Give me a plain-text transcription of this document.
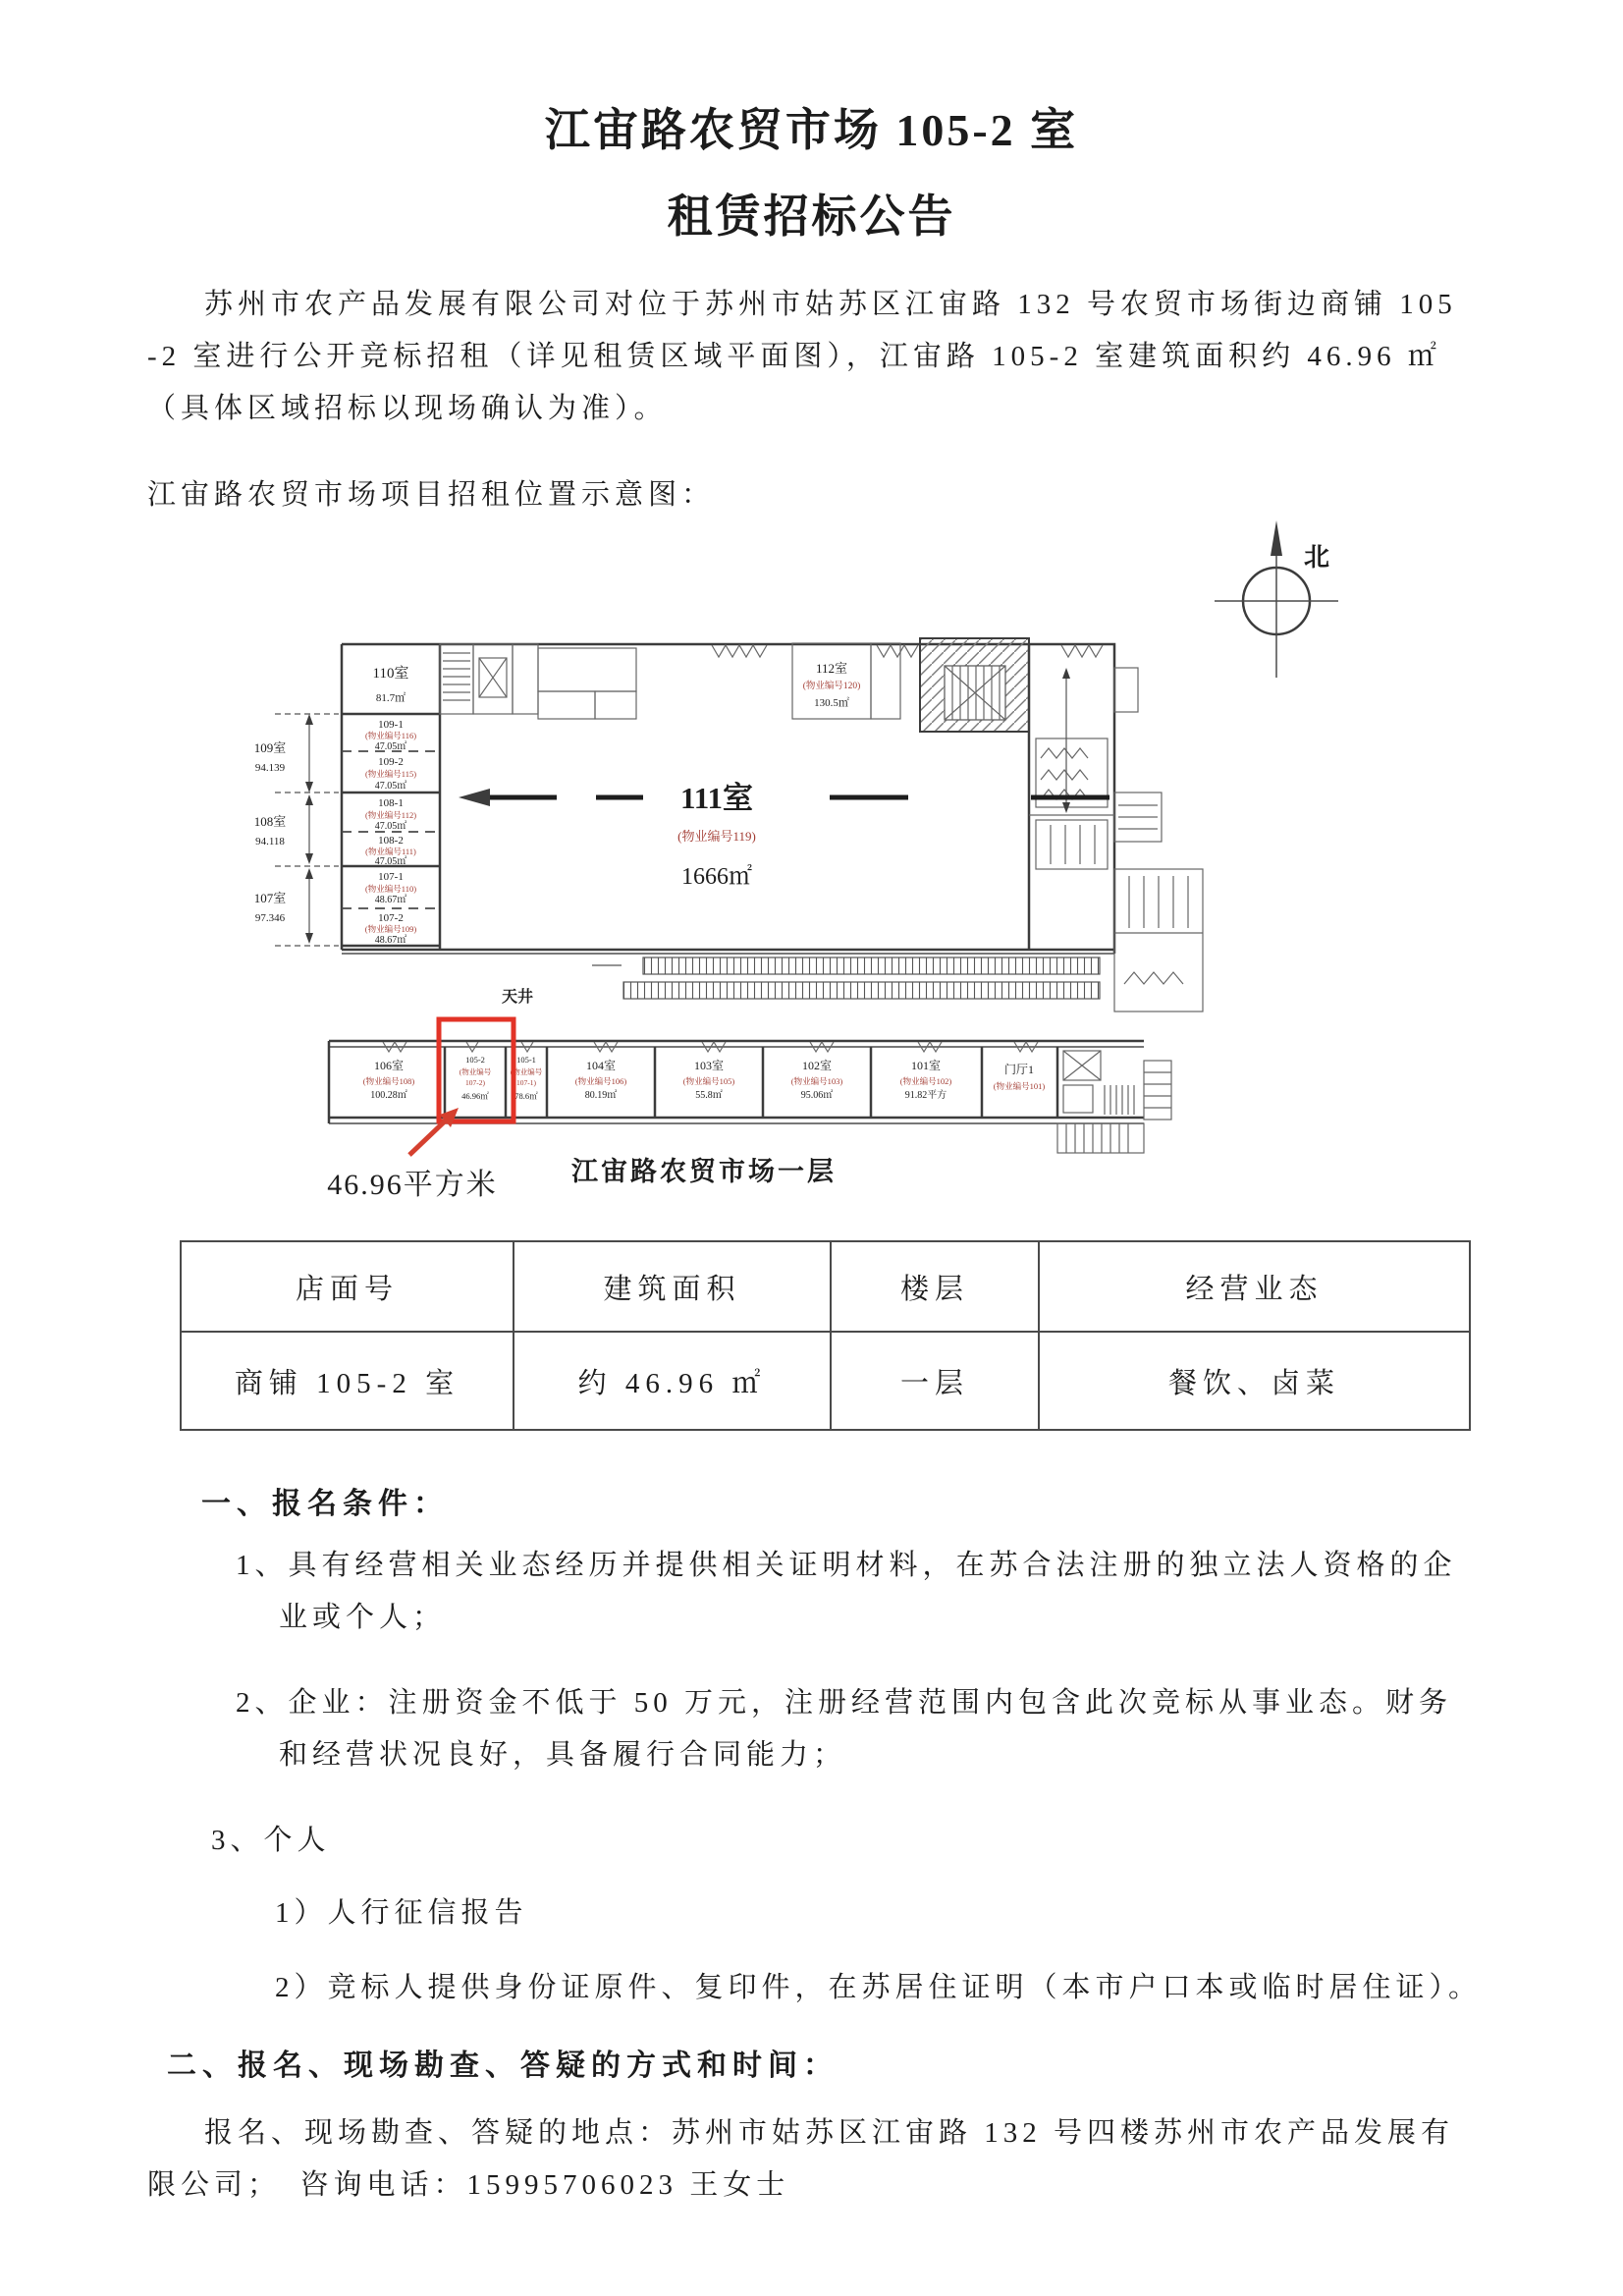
江宙路农贸市场 105-2 室
租赁招标公告
苏州市农产品发展有限公司对位于苏州市姑苏区江宙路 132 号农贸市场街边商铺 105-2 室进行公开竞标招租（详见租赁区域平面图），江宙路 105-2 室建筑面积约 46.96 ㎡（具体区域招标以现场确认为准）。
江宙路农贸市场项目招租位置示意图：
北
110室
81.7㎡
109-1
(物业编号116)
47.05㎡
109-2
(物业编号115)
47.05㎡
108-1
(物业编号112)
47.05㎡
108-2
(物业编号111)
47.05㎡
107-1
(物业编号110)
48.67㎡
107-2
(物业编号109)
48.67㎡
109室
94.139
108室
94.118
107室
97.346
112室
(物业编号120)
130.5㎡
111室
(物业编号119)
1666㎡
天井
106室
(物业编号108)
100.28㎡
105-2
(物业编号
107-2)
46.96㎡
105-1
(物业编号
107-1)
78.6㎡
104室
(物业编号106)
80.19㎡
103室
(物业编号105)
55.8㎡
102室
(物业编号103)
95.06㎡
101室
(物业编号102)
91.82平方
门厅1
(物业编号101)
46.96平方米	江宙路农贸市场一层
店面号	建筑面积	楼层	经营业态
商铺 105-2 室	约 46.96 ㎡	一层	餐饮、卤菜
一、报名条件：
1、具有经营相关业态经历并提供相关证明材料，在苏合法注册的独立法人资格的企业或个人；
2、企业：注册资金不低于 50 万元，注册经营范围内包含此次竞标从事业态。财务和经营状况良好，具备履行合同能力；
3、个人
1）人行征信报告
2）竞标人提供身份证原件、复印件，在苏居住证明（本市户口本或临时居住证）。
二、报名、现场勘查、答疑的方式和时间：
报名、现场勘查、答疑的地点：苏州市姑苏区江宙路 132 号四楼苏州市农产品发展有限公司；　咨询电话：15995706023 王女士
